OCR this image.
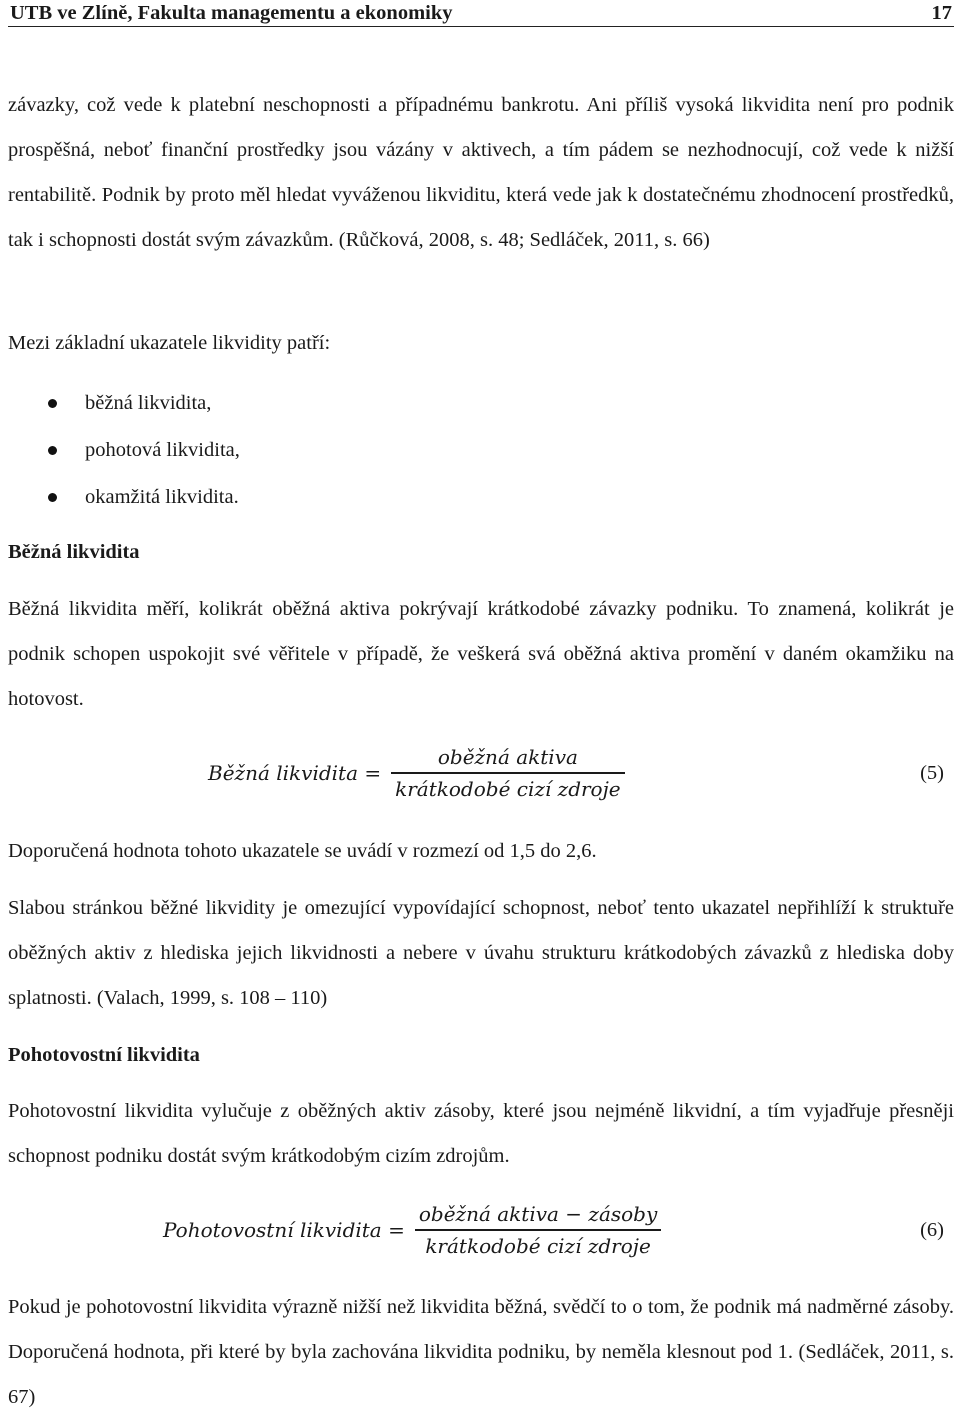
UTB ve Zlíně, Fakulta managementu a ekonomiky	17

závazky, což vede k platební neschopnosti a případnému bankrotu. Ani příliš vysoká likvidita není pro podnik prospěšná, neboť finanční prostředky jsou vázány v aktivech, a tím pádem se nezhodnocují, což vede k nižší rentabilitě. Podnik by proto měl hledat vyváženou likviditu, která vede jak k dostatečnému zhodnocení prostředků, tak i schopnosti dostát svým závazkům. (Růčková, 2008, s. 48; Sedláček, 2011, s. 66)

Mezi základní ukazatele likvidity patří:

běžná likvidita,
pohotová likvidita,
okamžitá likvidita.
Běžná likvidita

Běžná likvidita měří, kolikrát oběžná aktiva pokrývají krátkodobé závazky podniku. To znamená, kolikrát je podnik schopen uspokojit své věřitele v případě, že veškerá svá oběžná aktiva promění v daném okamžiku na hotovost.

Běžná likvidita = $\frac{\text{oběžná aktiva}}{\text{krátkodobé cizí zdroje}}$	(5)

Doporučená hodnota tohoto ukazatele se uvádí v rozmezí od 1,5 do 2,6.

Slabou stránkou běžné likvidity je omezující vypovídající schopnost, neboť tento ukazatel nepřihlíží k struktuře oběžných aktiv z hlediska jejich likvidnosti a nebere v úvahu strukturu krátkodobých závazků z hlediska doby splatnosti. (Valach, 1999, s. 108 – 110)

Pohotovostní likvidita

Pohotovostní likvidita vylučuje z oběžných aktiv zásoby, které jsou nejméně likvidní, a tím vyjadřuje přesněji schopnost podniku dostát svým krátkodobým cizím zdrojům.

Pohotovostní likvidita = $\frac{\text{oběžná aktiva − zásoby}}{\text{krátkodobé cizí zdroje}}$	(6)

Pokud je pohotovostní likvidita výrazně nižší než likvidita běžná, svědčí to o tom, že podnik má nadměrné zásoby. Doporučená hodnota, při které by byla zachována likvidita podniku, by neměla klesnout pod 1. (Sedláček, 2011, s. 67)
